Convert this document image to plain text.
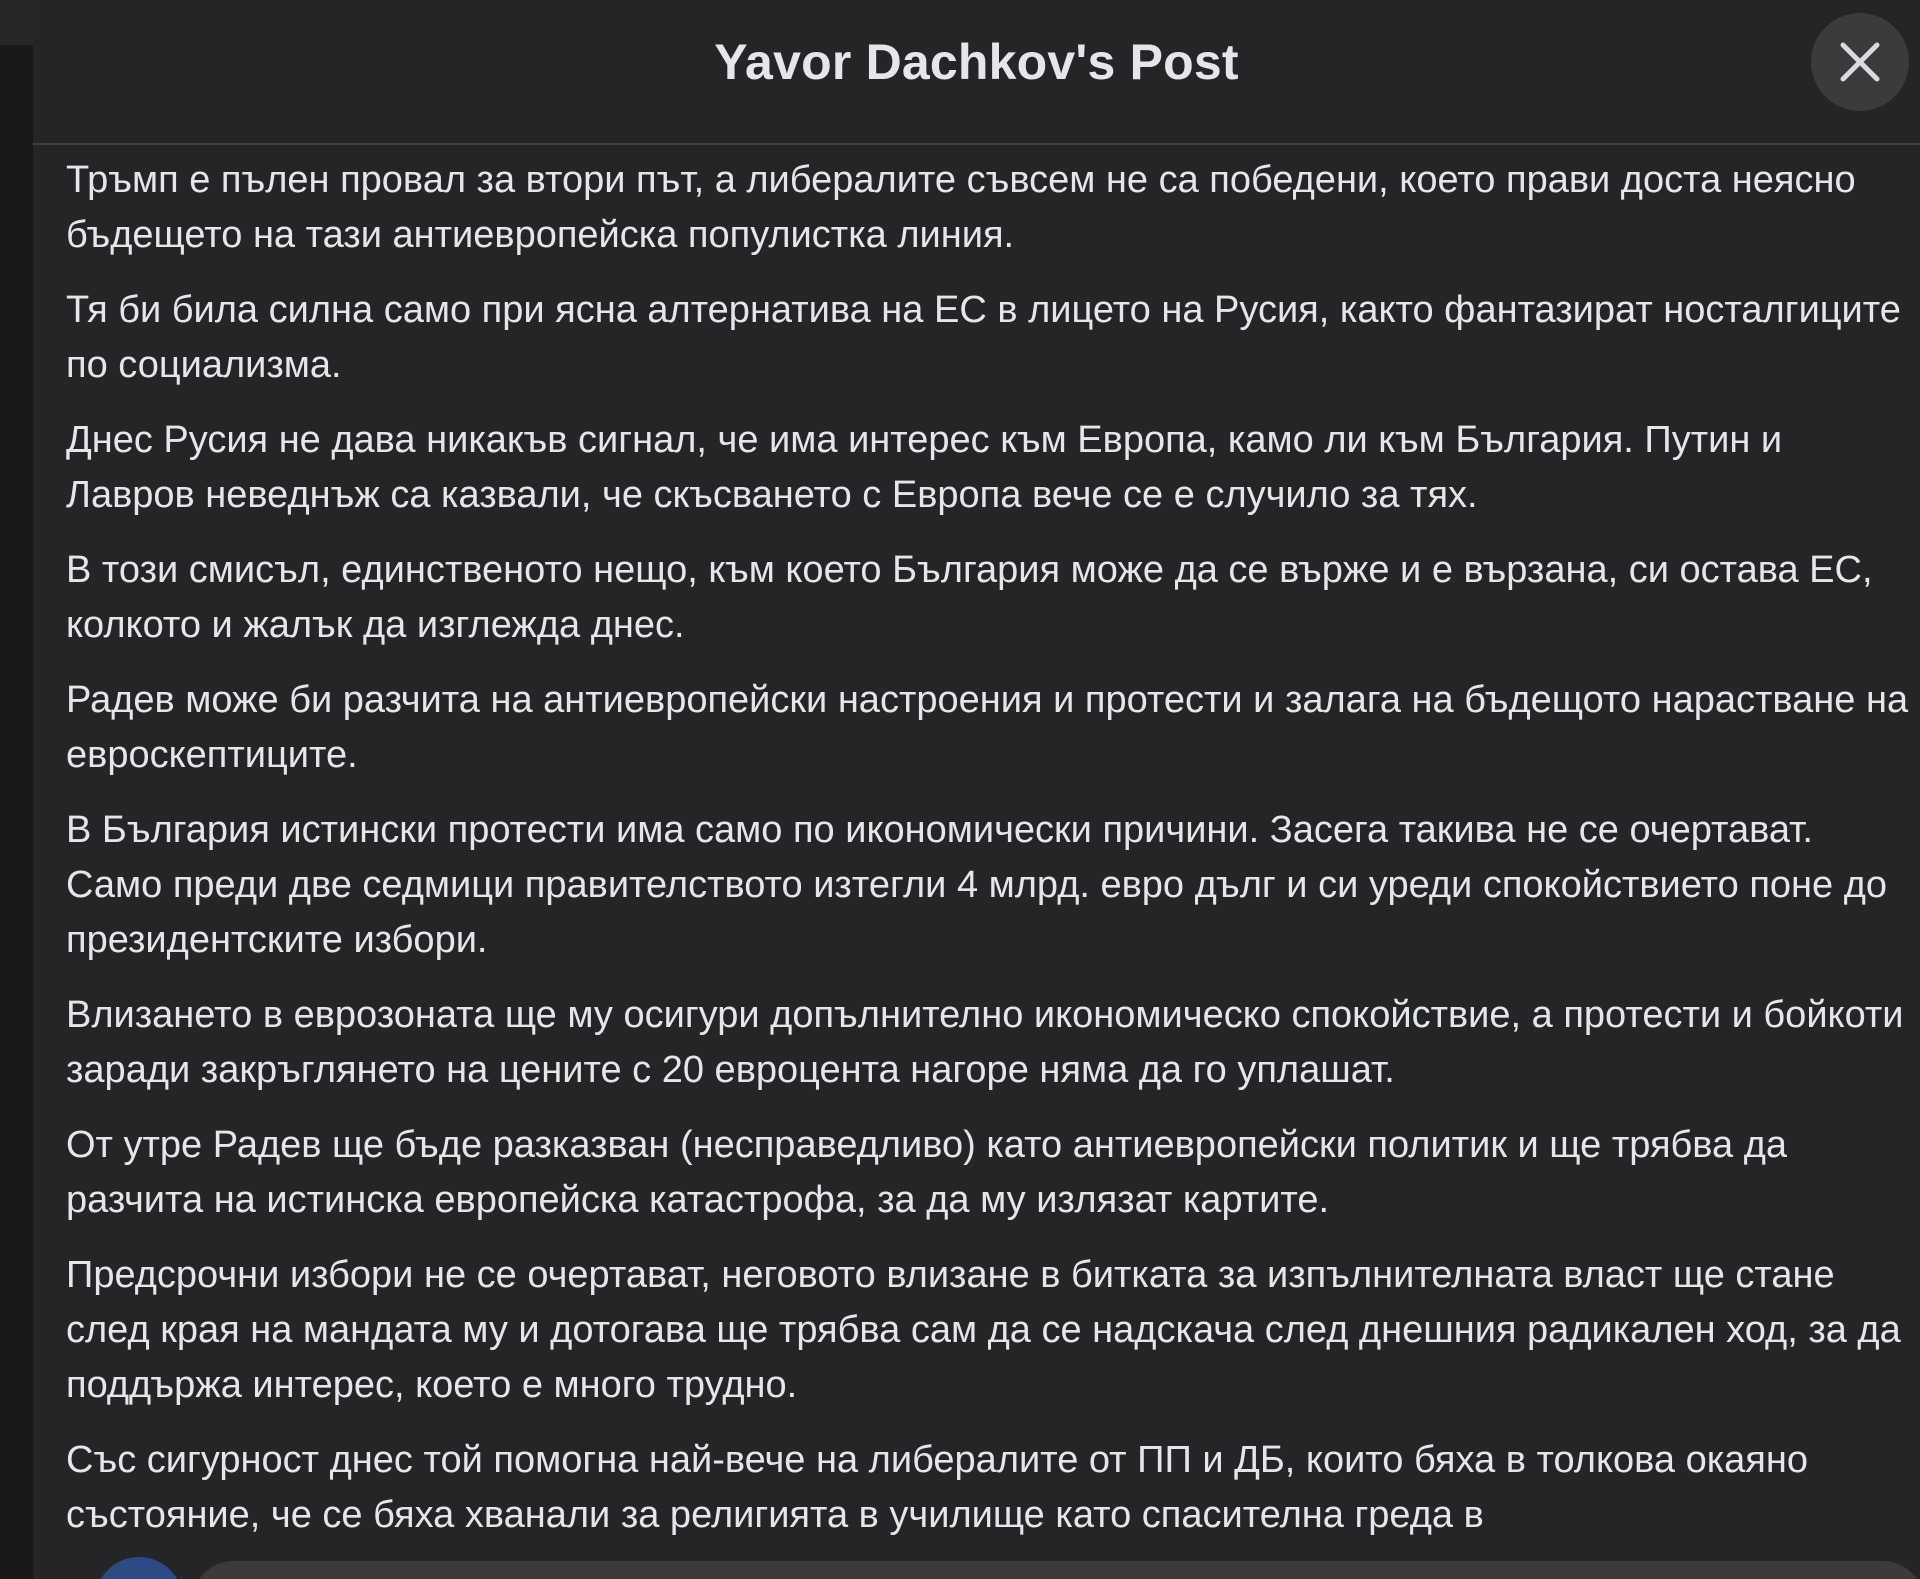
Yavor Dachkov's Post

Тръмп е пълен провал за втори път, а либералите съвсем не са победени, което прави доста неясно бъдещето на тази антиевропейска популистка линия.

Тя би била силна само при ясна алтернатива на ЕС в лицето на Русия, както фантазират носталгиците по социализма.

Днес Русия не дава никакъв сигнал, че има интерес към Европа, камо ли към България. Путин и Лавров неведнъж са казвали, че скъсването с Европа вече се е случило за тях.

В този смисъл, единственото нещо, към което България може да се върже и е вързана, си остава ЕС, колкото и жалък да изглежда днес.

Радев може би разчита на антиевропейски настроения и протести и залага на бъдещото нарастване на евроскептиците.

В България истински протести има само по икономически причини. Засега такива не се очертават. Само преди две седмици правителството изтегли 4 млрд. евро дълг и си уреди спокойствието поне до президентските избори.

Влизането в еврозоната ще му осигури допълнително икономическо спокойствие, а протести и бойкоти заради закръглянето на цените с 20 евроцента нагоре няма да го уплашат.

От утре Радев ще бъде разказван (несправедливо) като антиевропейски политик и ще трябва да разчита на истинска европейска катастрофа, за да му излязат картите.

Предсрочни избори не се очертават, неговото влизане в битката за изпълнителната власт ще стане след края на мандата му и дотогава ще трябва сам да се надскача след днешния радикален ход, за да поддържа интерес, което е много трудно.

Със сигурност днес той помогна най-вече на либералите от ПП и ДБ, които бяха в толкова окаяно състояние, че се бяха хванали за религията в училище като спасителна греда в
